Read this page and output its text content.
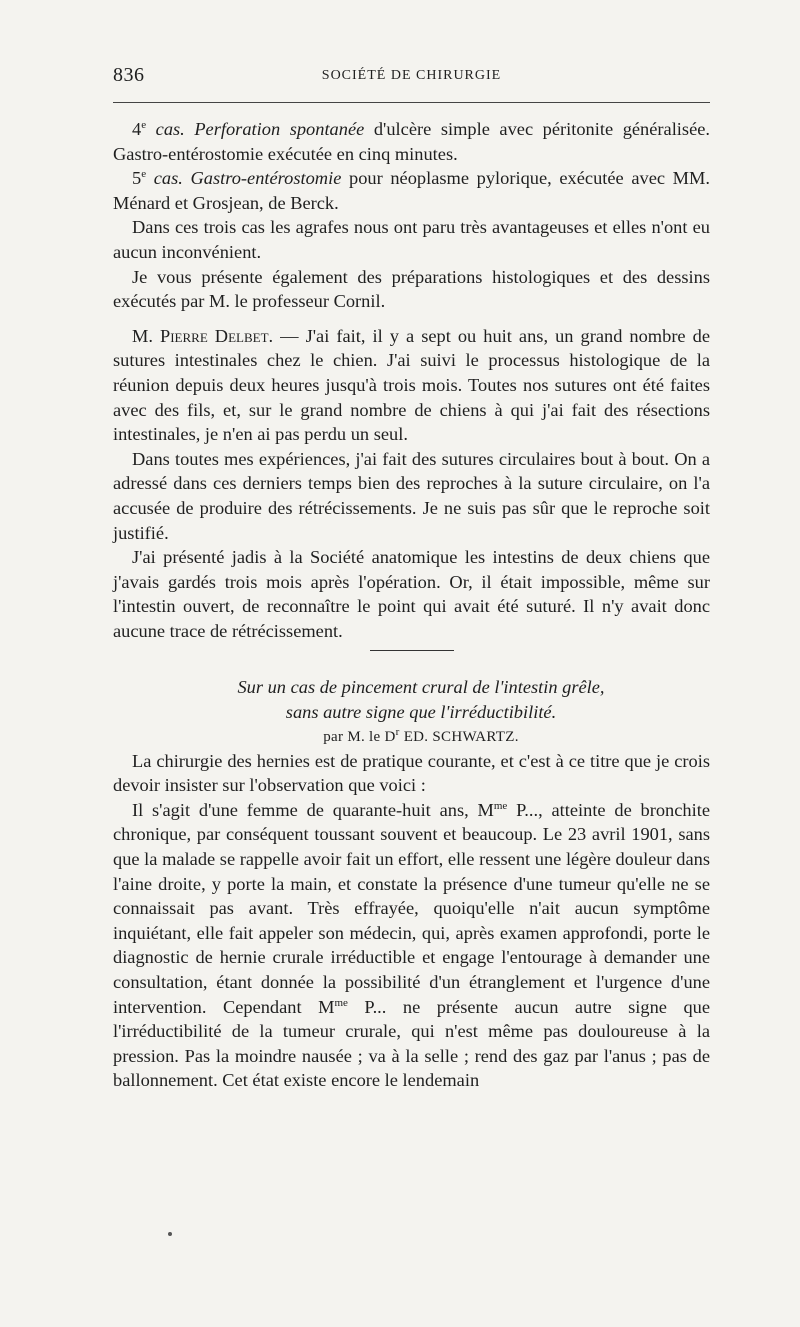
836	SOCIÉTÉ DE CHIRURGIE

4e cas. Perforation spontanée d'ulcère simple avec péritonite généralisée. Gastro-entérostomie exécutée en cinq minutes.

5e cas. Gastro-entérostomie pour néoplasme pylorique, exécutée avec MM. Ménard et Grosjean, de Berck.

Dans ces trois cas les agrafes nous ont paru très avantageuses et elles n'ont eu aucun inconvénient.

Je vous présente également des préparations histologiques et des dessins exécutés par M. le professeur Cornil.

M. Pierre Delbet. — J'ai fait, il y a sept ou huit ans, un grand nombre de sutures intestinales chez le chien. J'ai suivi le processus histologique de la réunion depuis deux heures jusqu'à trois mois. Toutes nos sutures ont été faites avec des fils, et, sur le grand nombre de chiens à qui j'ai fait des résections intestinales, je n'en ai pas perdu un seul.

Dans toutes mes expériences, j'ai fait des sutures circulaires bout à bout. On a adressé dans ces derniers temps bien des reproches à la suture circulaire, on l'a accusée de produire des rétrécissements. Je ne suis pas sûr que le reproche soit justifié.

J'ai présenté jadis à la Société anatomique les intestins de deux chiens que j'avais gardés trois mois après l'opération. Or, il était impossible, même sur l'intestin ouvert, de reconnaître le point qui avait été suturé. Il n'y avait donc aucune trace de rétrécissement.

Sur un cas de pincement crural de l'intestin grêle,

sans autre signe que l'irréductibilité.

par M. le $D^r$ ED. SCHWARTZ.

La chirurgie des hernies est de pratique courante, et c'est à ce titre que je crois devoir insister sur l'observation que voici :

Il s'agit d'une femme de quarante-huit ans, $M^{me}$ P..., atteinte de bronchite chronique, par conséquent toussant souvent et beaucoup. Le 23 avril 1901, sans que la malade se rappelle avoir fait un effort, elle ressent une légère douleur dans l'aine droite, y porte la main, et constate la présence d'une tumeur qu'elle ne se connaissait pas avant. Très effrayée, quoiqu'elle n'ait aucun symptôme inquiétant, elle fait appeler son médecin, qui, après examen approfondi, porte le diagnostic de hernie crurale irréductible et engage l'entourage à demander une consultation, étant donnée la possibilité d'un étranglement et l'urgence d'une intervention. Cependant $M^{me}$ P... ne présente aucun autre signe que l'irréductibilité de la tumeur crurale, qui n'est même pas douloureuse à la pression. Pas la moindre nausée ; va à la selle ; rend des gaz par l'anus ; pas de ballonnement. Cet état existe encore le lendemain
